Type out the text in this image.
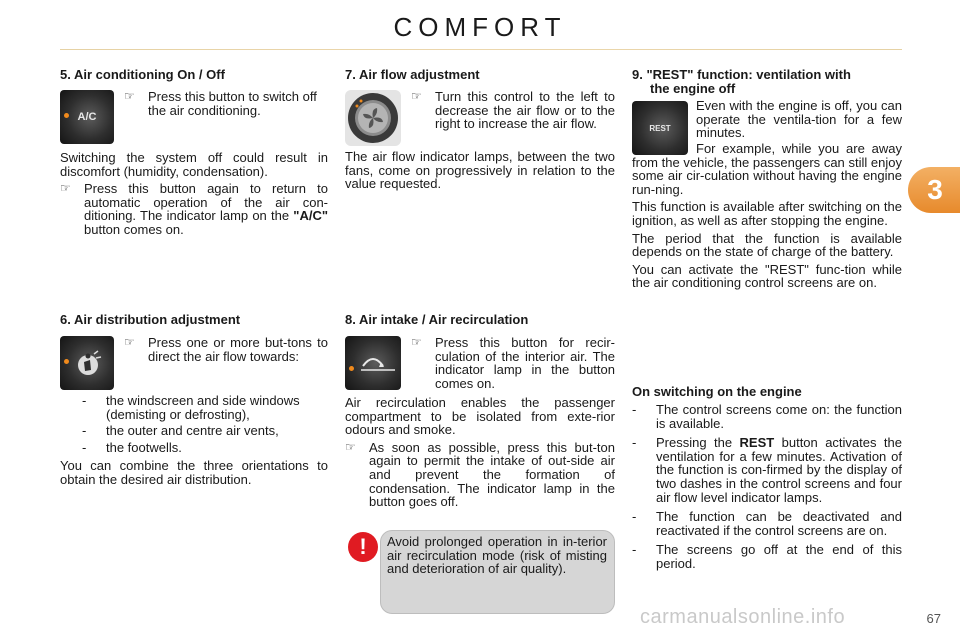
COMFORT
3
5. Air conditioning On / Off
A/C
☞ Press this button to switch off the air conditioning.

Switching the system off could result in discomfort (humidity, condensation).

☞ Press this button again to return to automatic operation of the air con-ditioning. The indicator lamp on the "A/C" button comes on.
6. Air distribution adjustment
☞ Press one or more but-tons to direct the air flow towards:
- the windscreen and side windows (demisting or defrosting),
- the outer and centre air vents,
- the footwells.

You can combine the three orientations to obtain the desired air distribution.

7. Air flow adjustment
☞ Turn this control to the left to decrease the air flow or to the right to increase the air flow.

The air flow indicator lamps, between the two fans, come on progressively in relation to the value requested.

8. Air intake / Air recirculation
☞ Press this button for recir-culation of the interior air. The indicator lamp in the button comes on.

Air recirculation enables the passenger compartment to be isolated from exte-rior odours and smoke.

☞ As soon as possible, press this but-ton again to permit the intake of out-side air and prevent the formation of condensation. The indicator lamp in the button goes off.
!	Avoid prolonged operation in in-terior air recirculation mode (risk of misting and deterioration of air quality).

9. "REST" function: ventilation with
the engine off
REST

Even with the engine is off, you can operate the ventila-tion for a few minutes.

For example, while you are away from the vehicle, the passengers can still enjoy some air cir-culation without having the engine run-ning.

This function is available after switching on the ignition, as well as after stopping the engine.

The period that the function is available depends on the state of charge of the battery.

You can activate the "REST" func-tion while the air conditioning control screens are on.

On switching on the engine
- The control screens come on: the function is available.
- Pressing the REST button activates the ventilation for a few minutes. Activation of the function is con-firmed by the display of two dashes in the control screens and four air flow level indicator lamps.
- The function can be deactivated and reactivated if the control screens are on.
- The screens go off at the end of this period.
carmanualsonline.info	67
